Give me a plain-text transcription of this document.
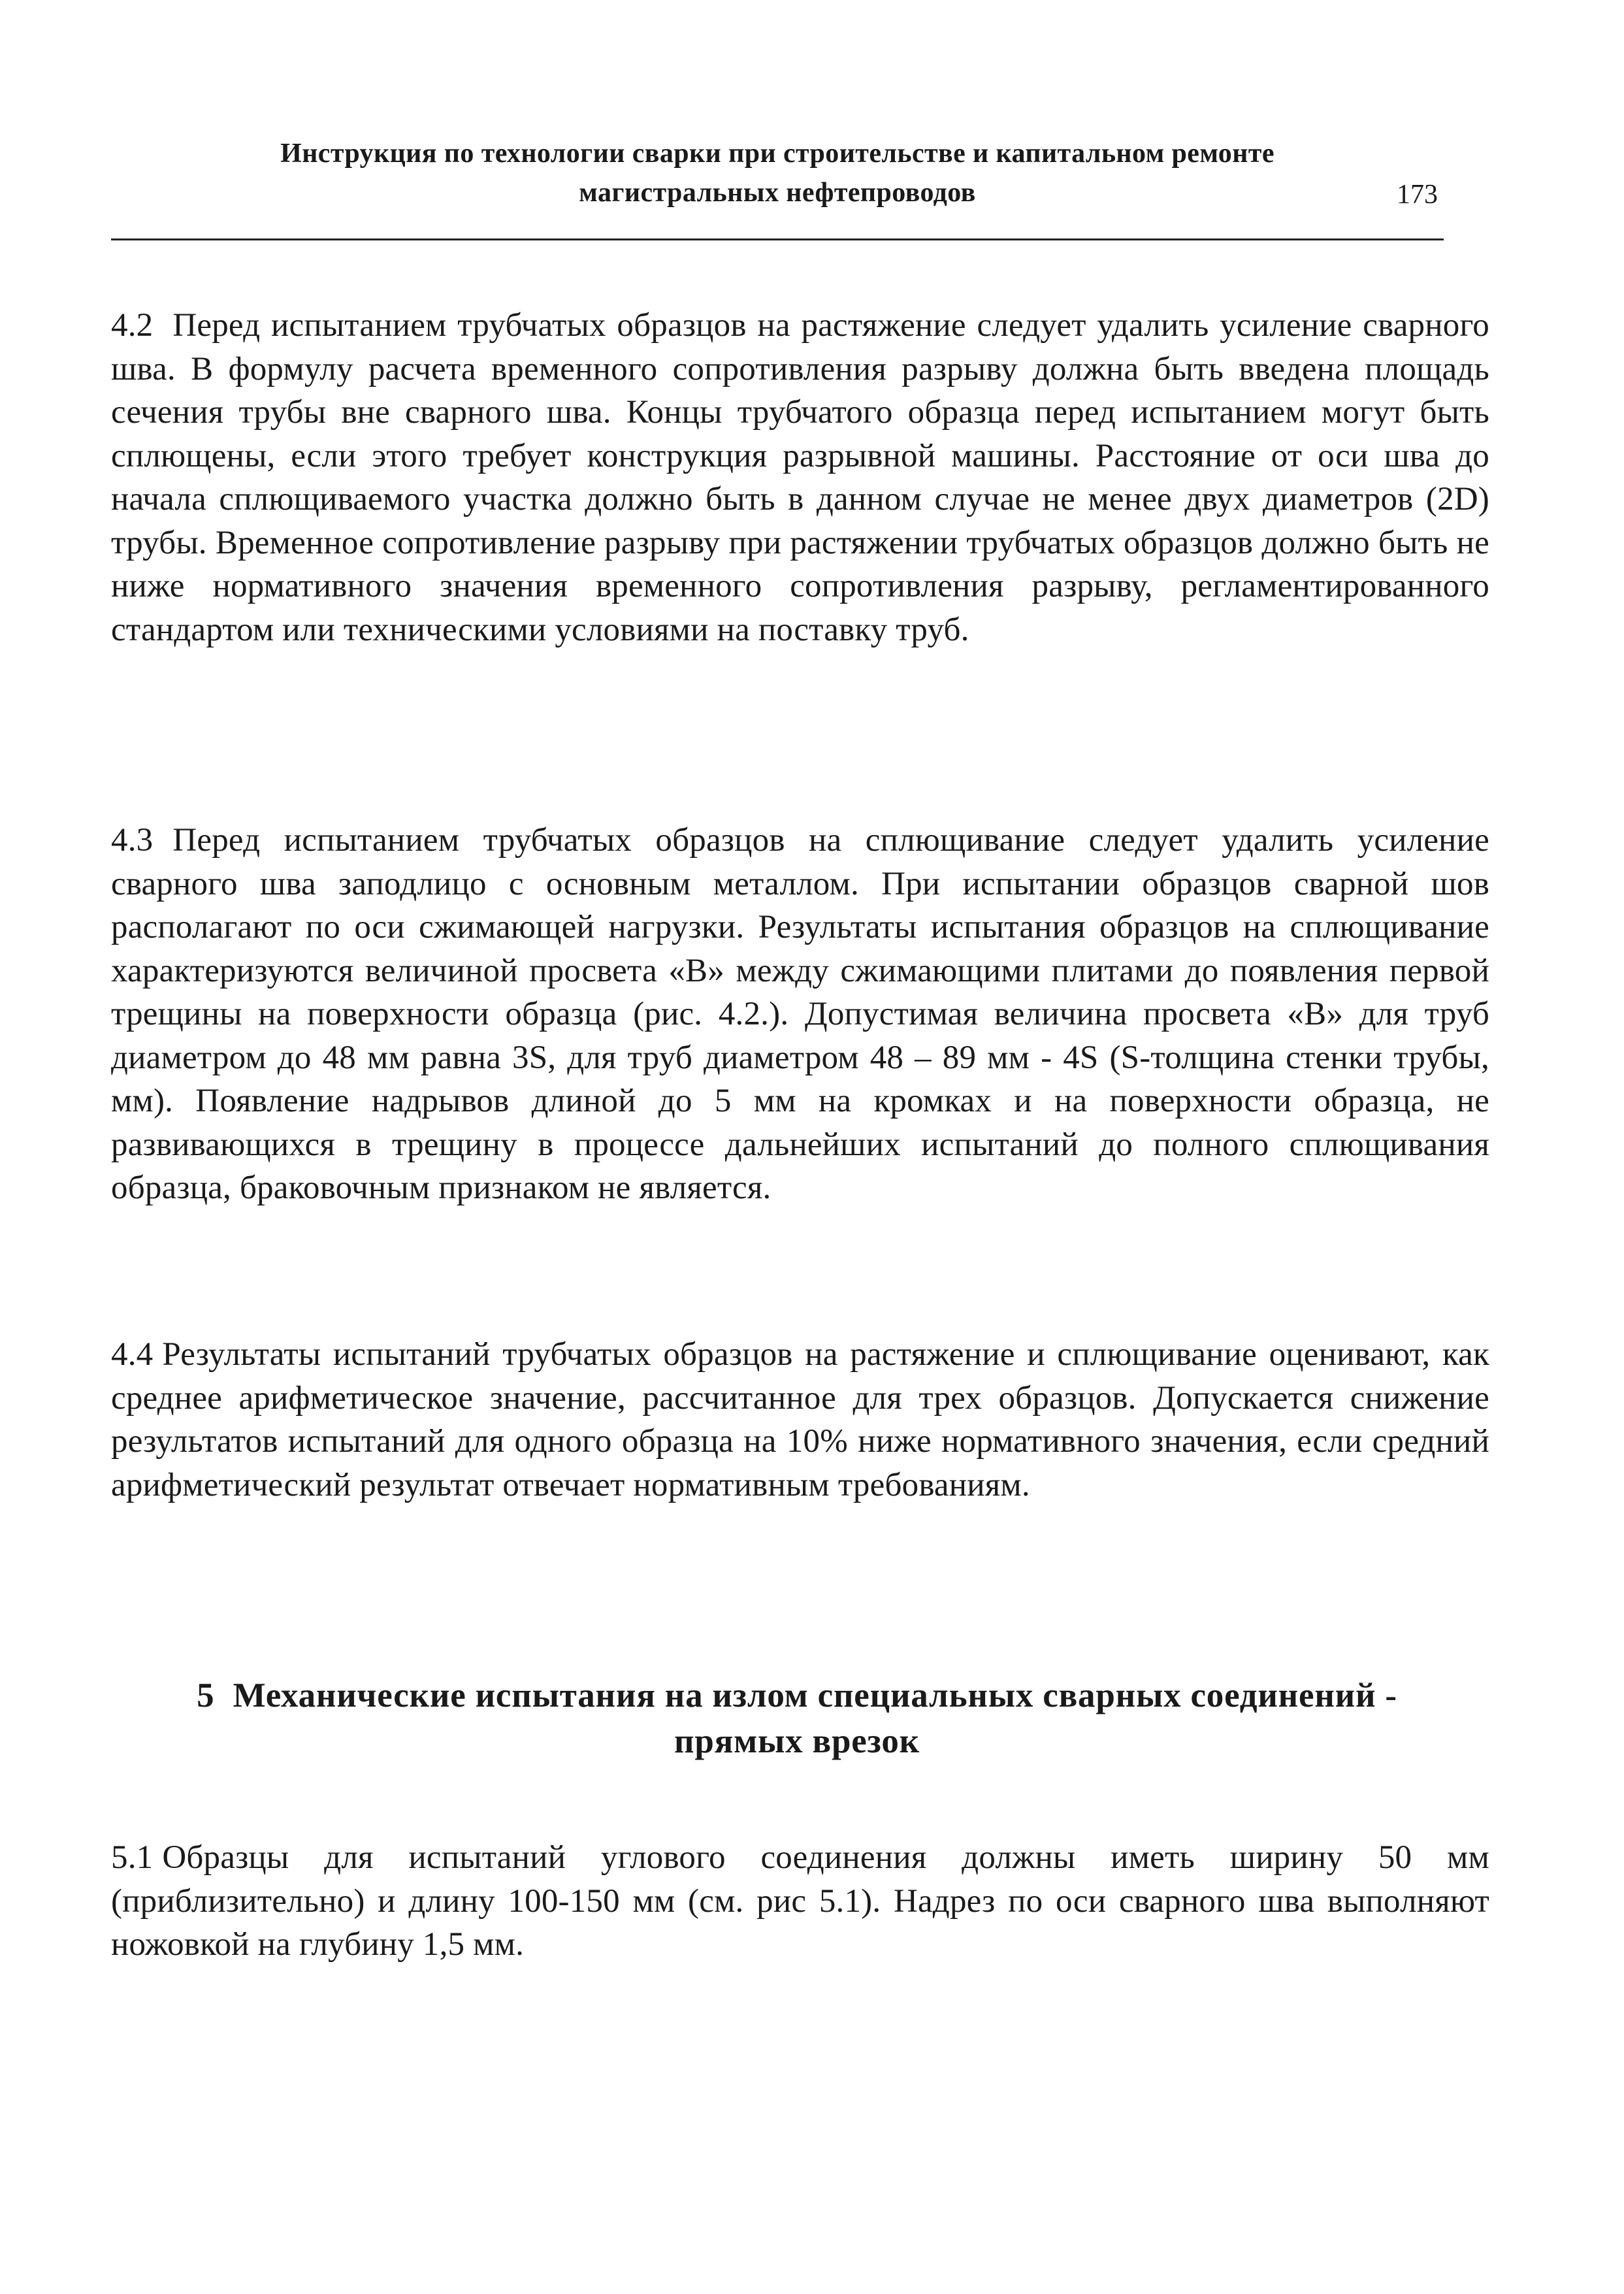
Инструкция по технологии сварки при строительстве и капитальном ремонте
магистральных нефтепроводов	173
4.2 Перед испытанием трубчатых образцов на растяжение следует удалить усиление сварного шва. В формулу расчета временного сопротивления разрыву должна быть введена площадь сечения трубы вне сварного шва. Концы трубчатого образца перед испытанием могут быть сплющены, если этого требует конструкция разрывной машины. Расстояние от оси шва до начала сплющиваемого участка должно быть в данном случае не менее двух диаметров (2D) трубы. Временное сопротивление разрыву при растяжении трубчатых образцов должно быть не ниже нормативного значения временного сопротивления разрыву, регламентированного стандартом или техническими условиями на поставку труб.
4.3 Перед испытанием трубчатых образцов на сплющивание следует удалить усиление сварного шва заподлицо с основным металлом. При испытании образцов сварной шов располагают по оси сжимающей нагрузки. Результаты испытания образцов на сплющивание характеризуются величиной просвета «В» между сжимающими плитами до появления первой трещины на поверхности образца (рис. 4.2.). Допустимая величина просвета «В» для труб диаметром до 48 мм равна 3S, для труб диаметром 48 – 89 мм - 4S (S-толщина стенки трубы, мм). Появление надрывов длиной до 5 мм на кромках и на поверхности образца, не развивающихся в трещину в процессе дальнейших испытаний до полного сплющивания образца, браковочным признаком не является.
4.4 Результаты испытаний трубчатых образцов на растяжение и сплющивание оценивают, как среднее арифметическое значение, рассчитанное для трех образцов. Допускается снижение результатов испытаний для одного образца на 10% ниже нормативного значения, если средний арифметический результат отвечает нормативным требованиям.
5 Механические испытания на излом специальных сварных соединений -
прямых врезок
5.1 Образцы для испытаний углового соединения должны иметь ширину 50 мм (приблизительно) и длину 100-150 мм (см. рис 5.1). Надрез по оси сварного шва выполняют ножовкой на глубину 1,5 мм.
